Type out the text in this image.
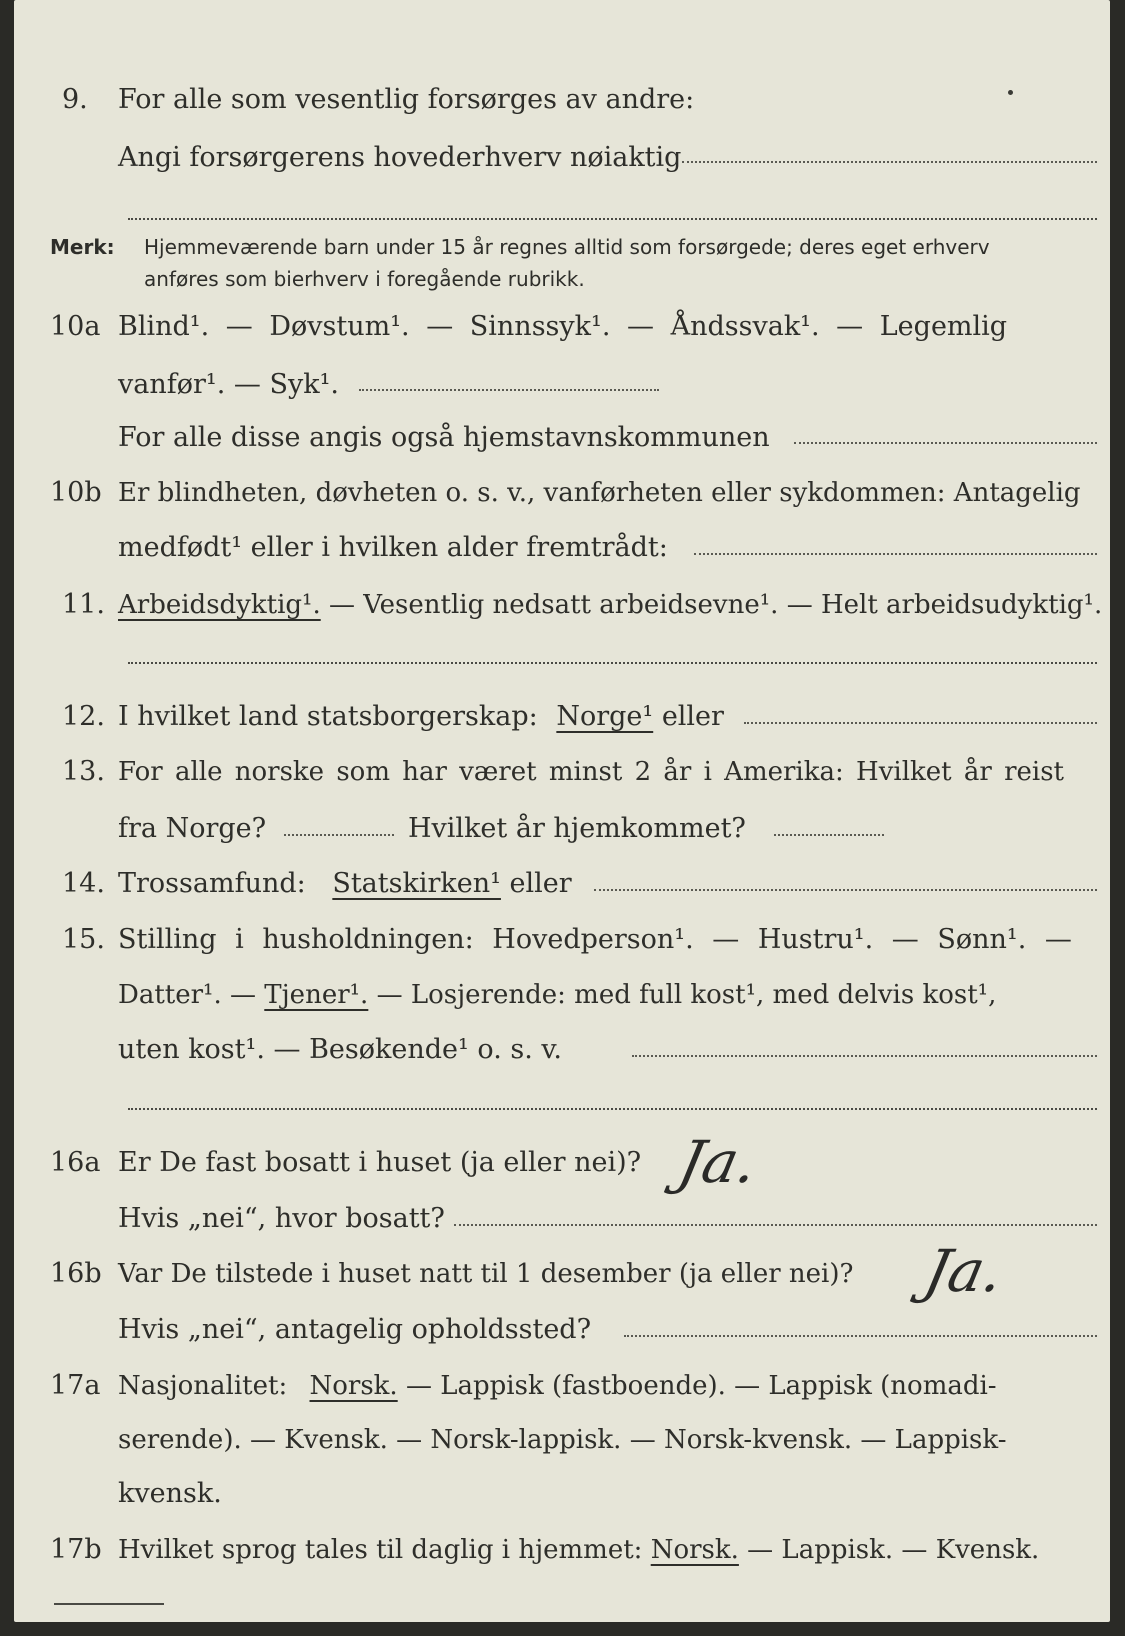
9. For alle som vesentlig forsørges av andre:
Angi forsørgerens hovederhverv nøiaktig
Merk: Hjemmeværende barn under 15 år regnes alltid som forsørgede; deres eget erhverv
anføres som bierhverv i foregående rubrikk.
10a Blind¹. — Døvstum¹. — Sinnssyk¹. — Åndssvak¹. — Legemlig
vanfør¹. — Syk¹.
For alle disse angis også hjemstavnskommunen
10b Er blindheten, døvheten o. s. v., vanførheten eller sykdommen: Antagelig
medfødt¹ eller i hvilken alder fremtrådt:
11. Arbeidsdyktig¹. — Vesentlig nedsatt arbeidsevne¹. — Helt arbeidsudyktig¹.
12. I hvilket land statsborgerskap: Norge¹ eller
13. For alle norske som har været minst 2 år i Amerika: Hvilket år reist
fra Norge?	Hvilket år hjemkommet?
14. Trossamfund: Statskirken¹ eller
15. Stilling i husholdningen: Hovedperson¹. — Hustru¹. — Sønn¹. —
Datter¹. — Tjener¹. — Losjerende: med full kost¹, med delvis kost¹,
uten kost¹. — Besøkende¹ o. s. v.
16a Er De fast bosatt i huset (ja eller nei)? Ja.
Hvis „nei“, hvor bosatt?
16b Var De tilstede i huset natt til 1 desember (ja eller nei)? Ja.
Hvis „nei“, antagelig opholdssted?
17a Nasjonalitet: Norsk. — Lappisk (fastboende). — Lappisk (nomadi-
serende). — Kvensk. — Norsk-lappisk. — Norsk-kvensk. — Lappisk-
kvensk.
17b Hvilket sprog tales til daglig i hjemmet: Norsk. — Lappisk. — Kvensk.
